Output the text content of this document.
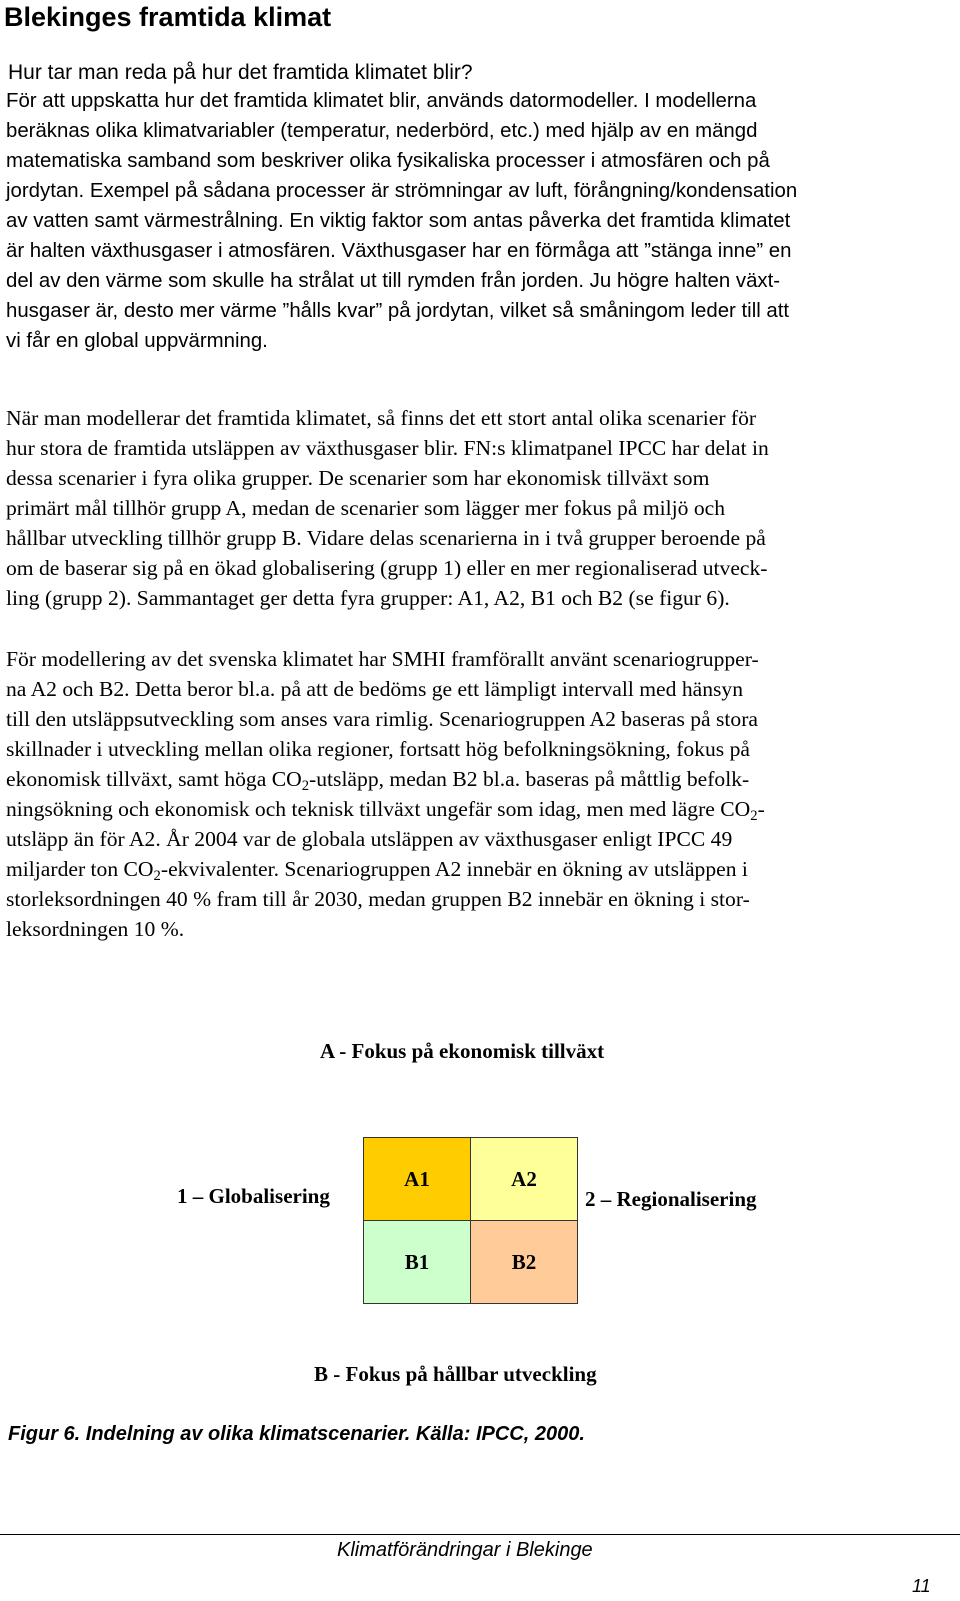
Blekinges framtida klimat
Hur tar man reda på hur det framtida klimatet blir?
För att uppskatta hur det framtida klimatet blir, används datormodeller. I modellerna
beräknas olika klimatvariabler (temperatur, nederbörd, etc.) med hjälp av en mängd
matematiska samband som beskriver olika fysikaliska processer i atmosfären och på
jordytan. Exempel på sådana processer är strömningar av luft, förångning/kondensation
av vatten samt värmestrålning. En viktig faktor som antas påverka det framtida klimatet
är halten växthusgaser i atmosfären. Växthusgaser har en förmåga att ”stänga inne” en
del av den värme som skulle ha strålat ut till rymden från jorden. Ju högre halten växt-
husgaser är, desto mer värme ”hålls kvar” på jordytan, vilket så småningom leder till att
vi får en global uppvärmning.
När man modellerar det framtida klimatet, så finns det ett stort antal olika scenarier för
hur stora de framtida utsläppen av växthusgaser blir. FN:s klimatpanel IPCC har delat in
dessa scenarier i fyra olika grupper. De scenarier som har ekonomisk tillväxt som
primärt mål tillhör grupp A, medan de scenarier som lägger mer fokus på miljö och
hållbar utveckling tillhör grupp B. Vidare delas scenarierna in i två grupper beroende på
om de baserar sig på en ökad globalisering (grupp 1) eller en mer regionaliserad utveck-
ling (grupp 2). Sammantaget ger detta fyra grupper: A1, A2, B1 och B2 (se figur 6).
För modellering av det svenska klimatet har SMHI framförallt använt scenariogrupper-
na A2 och B2. Detta beror bl.a. på att de bedöms ge ett lämpligt intervall med hänsyn
till den utsläppsutveckling som anses vara rimlig. Scenariogruppen A2 baseras på stora
skillnader i utveckling mellan olika regioner, fortsatt hög befolkningsökning, fokus på
ekonomisk tillväxt, samt höga $CO_2$-utsläpp, medan B2 bl.a. baseras på måttlig befolk-
ningsökning och ekonomisk och teknisk tillväxt ungefär som idag, men med lägre $CO_2-$
utsläpp än för A2. År 2004 var de globala utsläppen av växthusgaser enligt IPCC 49
miljarder ton $CO_2$-ekvivalenter. Scenariogruppen A2 innebär en ökning av utsläppen i
storleksordningen 40 % fram till år 2030, medan gruppen B2 innebär en ökning i stor-
leksordningen 10 %.
A - Fokus på ekonomisk tillväxt
1 – Globalisering	2 – Regionalisering
A1	A2
B1	B2
B - Fokus på hållbar utveckling

Figur 6. Indelning av olika klimatscenarier. Källa: IPCC, 2000.

Klimatförändringar i Blekinge
11
